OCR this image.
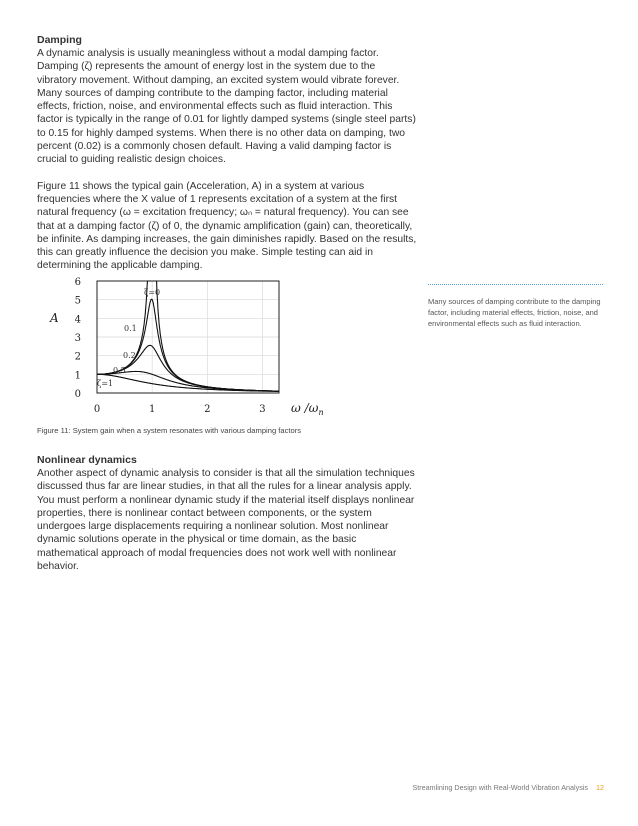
Damping

A dynamic analysis is usually meaningless without a modal damping factor. Damping (ζ) represents the amount of energy lost in the system due to the vibratory movement. Without damping, an excited system would vibrate forever. Many sources of damping contribute to the damping factor, including material effects, friction, noise, and environmental effects such as fluid interaction. This factor is typically in the range of 0.01 for lightly damped systems (single steel parts) to 0.15 for highly damped systems. When there is no other data on damping, two percent (0.02) is a commonly chosen default. Having a valid damping factor is crucial to guiding realistic design choices.

Figure 11 shows the typical gain (Acceleration, A) in a system at various frequencies where the X value of 1 represents excitation of a system at the first natural frequency (ω = excitation frequency; ωₙ = natural frequency). You can see that at a damping factor (ζ) of 0, the dynamic amplification (gain) can, theoretically, be infinite. As damping increases, the gain diminishes rapidly. Based on the results, this can greatly influence the decision you make. Simple testing can aid in determining the applicable damping.

A
0
1
2
3
4
5
6
0	1	2	3
ζ=0
0.1
0.2
0.5
ζ=1
ω $/\omega_n$
Figure 11: System gain when a system resonates with various damping factors
Nonlinear dynamics

Another aspect of dynamic analysis to consider is that all the simulation techniques discussed thus far are linear studies, in that all the rules for a linear analysis apply. You must perform a nonlinear dynamic study if the material itself displays nonlinear properties, there is nonlinear contact between components, or the system undergoes large displacements requiring a nonlinear solution. Most nonlinear dynamic solutions operate in the physical or time domain, as the basic mathematical approach of modal frequencies does not work well with nonlinear behavior.

Many sources of damping contribute to the damping factor, including material effects, friction, noise, and environmental effects such as fluid interaction.
Streamlining Design with Real-World Vibration Analysis 12
